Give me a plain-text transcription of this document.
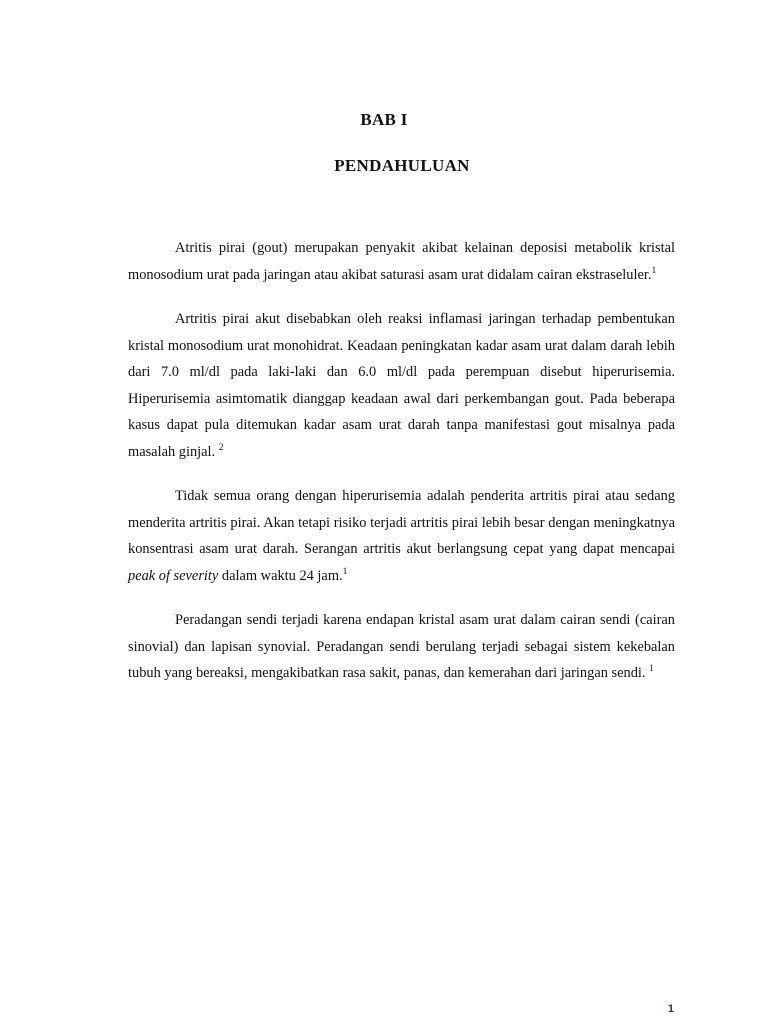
BAB I
PENDAHULUAN

Atritis pirai (gout) merupakan penyakit akibat kelainan deposisi metabolik kristal monosodium urat pada jaringan atau akibat saturasi asam urat didalam cairan ekstraseluler.$^1$

Artritis pirai akut disebabkan oleh reaksi inflamasi jaringan terhadap pembentukan kristal monosodium urat monohidrat. Keadaan peningkatan kadar asam urat dalam darah lebih dari 7.0 ml/dl pada laki-laki dan 6.0 ml/dl pada perempuan disebut hiperurisemia. Hiperurisemia asimtomatik dianggap keadaan awal dari perkembangan gout. Pada beberapa kasus dapat pula ditemukan kadar asam urat darah tanpa manifestasi gout misalnya pada masalah ginjal. $^2$

Tidak semua orang dengan hiperurisemia adalah penderita artritis pirai atau sedang menderita artritis pirai. Akan tetapi risiko terjadi artritis pirai lebih besar dengan meningkatnya konsentrasi asam urat darah. Serangan artritis akut berlangsung cepat yang dapat mencapai peak of severity dalam waktu 24 jam.$^1$

Peradangan sendi terjadi karena endapan kristal asam urat dalam cairan sendi (cairan sinovial) dan lapisan synovial. Peradangan sendi berulang terjadi sebagai sistem kekebalan tubuh yang bereaksi, mengakibatkan rasa sakit, panas, dan kemerahan dari jaringan sendi. $^1$

1
